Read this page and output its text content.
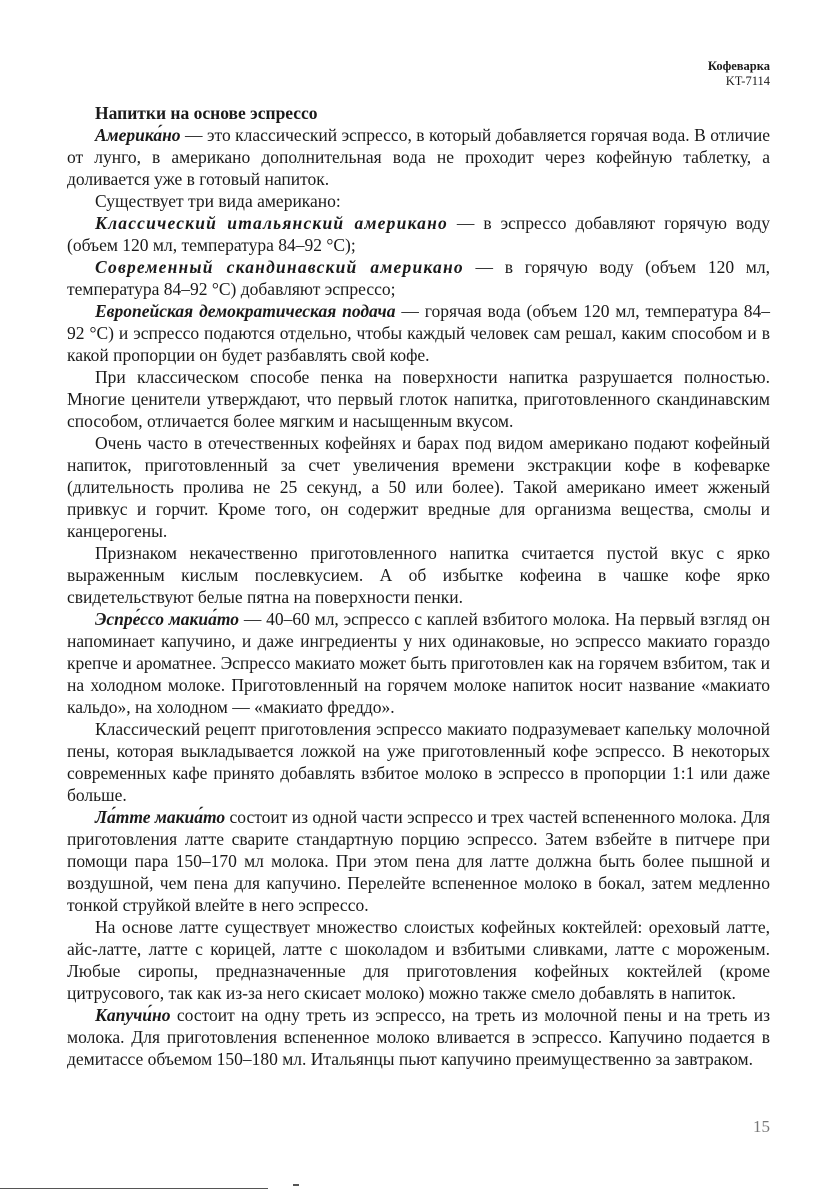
Кофеварка
KT-7114
Напитки на основе эспрессо

Америка́но — это классический эспрессо, в который добавляется горячая вода. В отличие от лунго, в американо дополнительная вода не проходит через кофейную таблетку, а доливается уже в готовый напиток.

Существует три вида американо:

Классический итальянский американо — в эспрессо добавляют горячую воду (объем 120 мл, температура 84–92 °С);

Современный скандинавский американо — в горячую воду (объем 120 мл, температура 84–92 °С) добавляют эспрессо;

Европейская демократическая подача — горячая вода (объем 120 мл, температура 84–92 °С) и эспрессо подаются отдельно, чтобы каждый человек сам решал, каким способом и в какой пропорции он будет разбавлять свой кофе.

При классическом способе пенка на поверхности напитка разрушается полностью. Многие ценители утверждают, что первый глоток напитка, приготовленного скандинавским способом, отличается более мягким и насыщенным вкусом.

Очень часто в отечественных кофейнях и барах под видом американо подают кофейный напиток, приготовленный за счет увеличения времени экстракции кофе в кофеварке (длительность пролива не 25 секунд, а 50 или более). Такой американо имеет жженый привкус и горчит. Кроме того, он содержит вредные для организма вещества, смолы и канцерогены.

Признаком некачественно приготовленного напитка считается пустой вкус с ярко выраженным кислым послевкусием. А об избытке кофеина в чашке кофе ярко свидетельствуют белые пятна на поверхности пенки.

Эспре́ссо макиа́то — 40–60 мл, эспрессо с каплей взбитого молока. На первый взгляд он напоминает капучино, и даже ингредиенты у них одинаковые, но эспрессо макиато гораздо крепче и ароматнее. Эспрессо макиато может быть приготовлен как на горячем взбитом, так и на холодном молоке. Приготовленный на горячем молоке напиток носит название «макиато кальдо», на холодном — «макиато фреддо».

Классический рецепт приготовления эспрессо макиато подразумевает капельку молочной пены, которая выкладывается ложкой на уже приготовленный кофе эспрессо. В некоторых современных кафе принято добавлять взбитое молоко в эспрессо в пропорции 1:1 или даже больше.

Ла́тте макиа́то состоит из одной части эспрессо и трех частей вспененного молока. Для приготовления латте сварите стандартную порцию эспрессо. Затем взбейте в питчере при помощи пара 150–170 мл молока. При этом пена для латте должна быть более пышной и воздушной, чем пена для капучино. Перелейте вспененное молоко в бокал, затем медленно тонкой струйкой влейте в него эспрессо.

На основе латте существует множество слоистых кофейных коктейлей: ореховый латте, айс-латте, латте с корицей, латте с шоколадом и взбитыми сливками, латте с мороженым. Любые сиропы, предназначенные для приготовления кофейных коктейлей (кроме цитрусового, так как из-за него скисает молоко) можно также смело добавлять в напиток.

Капучи́но состоит на одну треть из эспрессо, на треть из молочной пены и на треть из молока. Для приготовления вспененное молоко вливается в эспрессо. Капучино подается в демитассе объемом 150–180 мл. Итальянцы пьют капучино преимущественно за завтраком.

15
